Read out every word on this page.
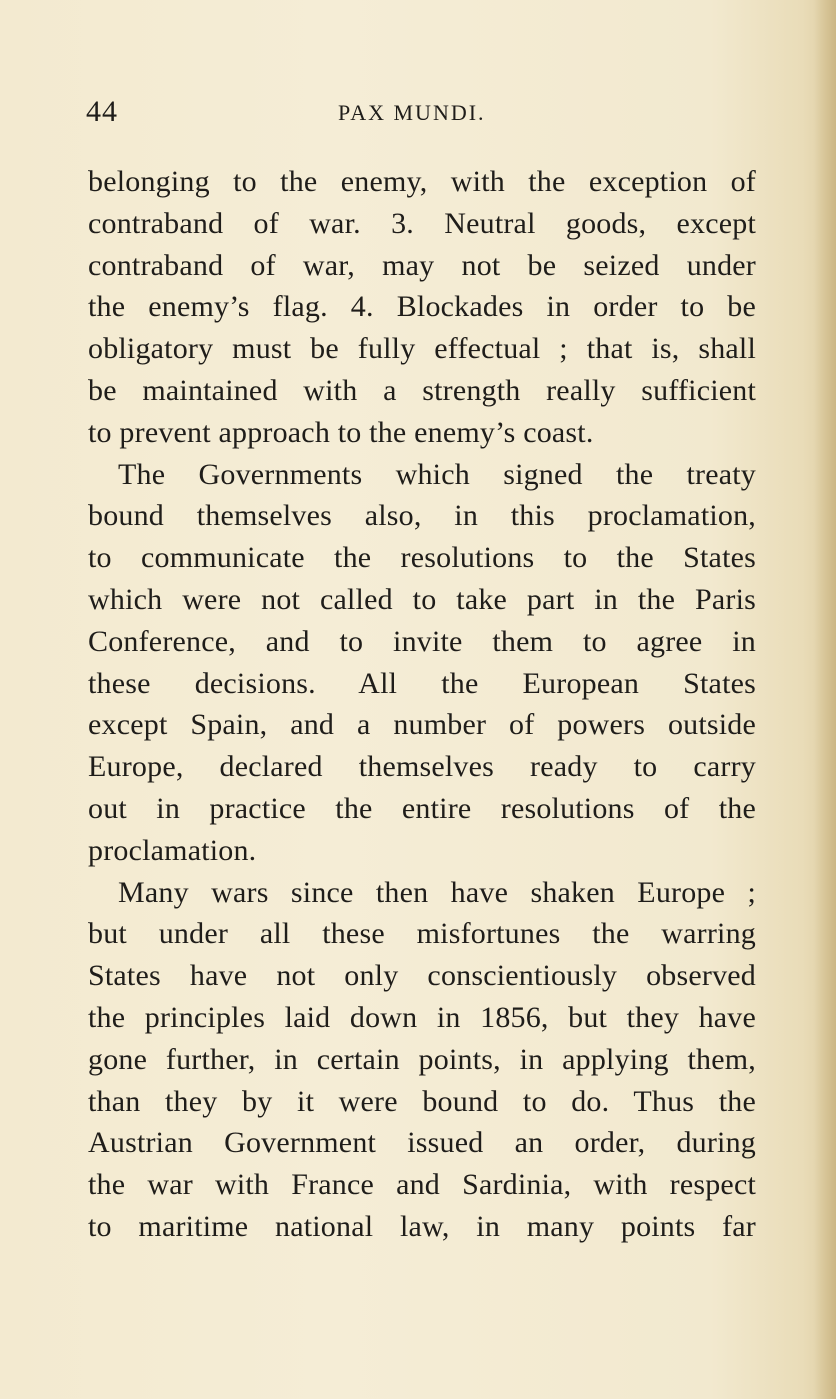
44	PAX MUNDI.
belonging to the enemy, with the exception of
contraband of war. 3. Neutral goods, except
contraband of war, may not be seized under
the enemy’s flag. 4. Blockades in order to be
obligatory must be fully effectual ; that is, shall
be maintained with a strength really sufficient
to prevent approach to the enemy’s coast.
The Governments which signed the treaty
bound themselves also, in this proclamation,
to communicate the resolutions to the States
which were not called to take part in the Paris
Conference, and to invite them to agree in
these decisions. All the European States
except Spain, and a number of powers outside
Europe, declared themselves ready to carry
out in practice the entire resolutions of the
proclamation.
Many wars since then have shaken Europe ;
but under all these misfortunes the warring
States have not only conscientiously observed
the principles laid down in 1856, but they have
gone further, in certain points, in applying them,
than they by it were bound to do. Thus the
Austrian Government issued an order, during
the war with France and Sardinia, with respect
to maritime national law, in many points far
